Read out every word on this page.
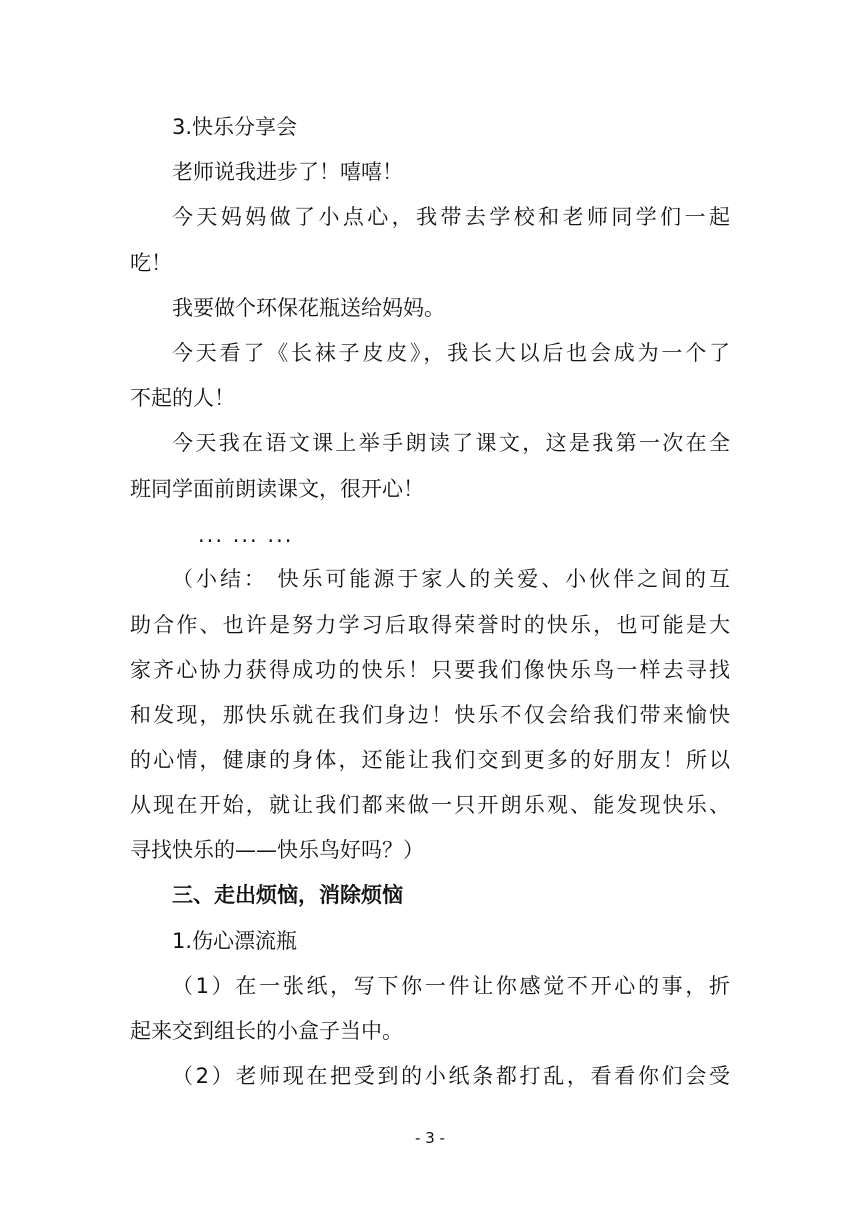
3.快乐分享会
老师说我进步了！嘻嘻！
今天妈妈做了小点心，我带去学校和老师同学们一起
吃！
我要做个环保花瓶送给妈妈。
今天看了《长袜子皮皮》，我长大以后也会成为一个了
不起的人！
今天我在语文课上举手朗读了课文，这是我第一次在全
班同学面前朗读课文，很开心！
... ... ...
（小结： 快乐可能源于家人的关爱、小伙伴之间的互
助合作、也许是努力学习后取得荣誉时的快乐，也可能是大
家齐心协力获得成功的快乐！只要我们像快乐鸟一样去寻找
和发现，那快乐就在我们身边！快乐不仅会给我们带来愉快
的心情，健康的身体，还能让我们交到更多的好朋友！所以
从现在开始，就让我们都来做一只开朗乐观、能发现快乐、
寻找快乐的——快乐鸟好吗？）
三、走出烦恼，消除烦恼
1.伤心漂流瓶
（1）在一张纸，写下你一件让你感觉不开心的事，折
起来交到组长的小盒子当中。
（2）老师现在把受到的小纸条都打乱，看看你们会受
- 3 -
